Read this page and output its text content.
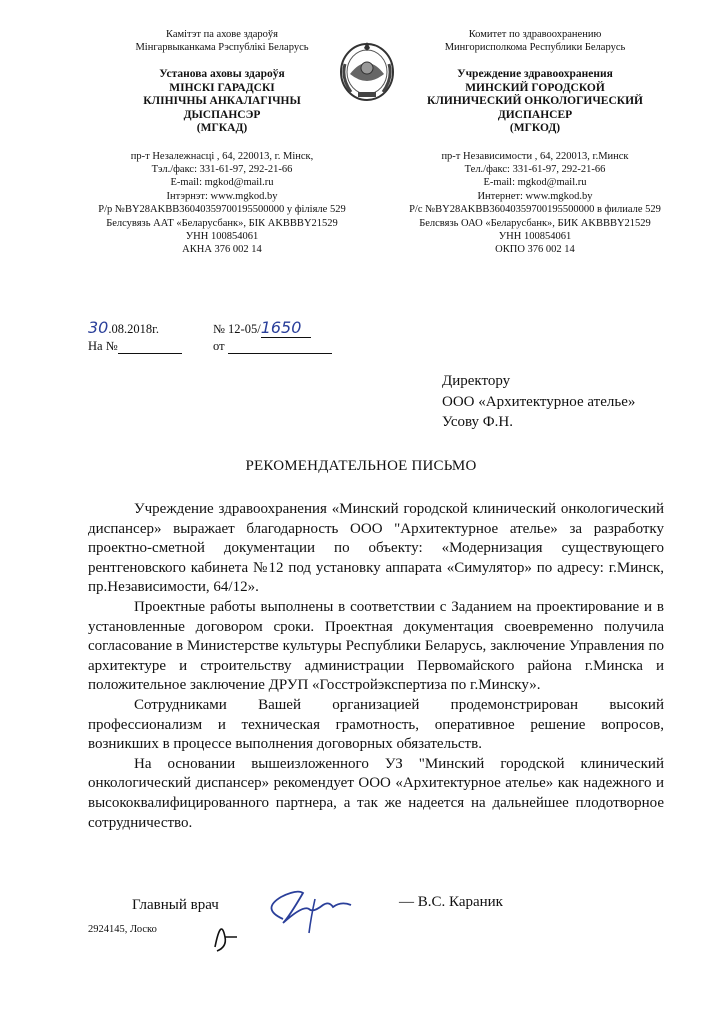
Камітэт па ахове здароўя
Мінгарвыканкама Рэспублікі Беларусь
Установа аховы здароўя
МІНСКІ ГАРАДСКІ
КЛІНІЧНЫ АНКАЛАГІЧНЫ
ДЫСПАНСЭР
(МГКАД)
пр-т Незалежнасці , 64, 220013, г. Мінск,
Тэл./факс: 331-61-97, 292-21-66
E-mail: mgkod@mail.ru
Інтэрнэт: www.mgkod.by
Р/р №BY28AKBB36040359700195500000 у філіяле 529
Белсувязь ААТ «Беларусбанк», БІК AKBBBY21529
УНН 100854061
АКНА 376 002 14
Комитет по здравоохранению
Мингорисполкома Республики Беларусь
Учреждение здравоохранения
МИНСКИЙ ГОРОДСКОЙ
КЛИНИЧЕСКИЙ ОНКОЛОГИЧЕСКИЙ
ДИСПАНСЕР
(МГКОД)
пр-т Независимости , 64, 220013, г.Минск
Тел./факс: 331-61-97, 292-21-66
E-mail: mgkod@mail.ru
Интернет: www.mgkod.by
Р/с №BY28AKBB36040359700195500000 в филиале 529
Белсвязь ОАО «Беларусбанк», БИК AKBBBY21529
УНН 100854061
ОКПО 376 002 14
30.08.2018г.	№ 12-05/1650
На №	от
Директору
ООО «Архитектурное ателье»
Усову Ф.Н.
РЕКОМЕНДАТЕЛЬНОЕ ПИСЬМО

Учреждение здравоохранения «Минский городской клинический онкологический диспансер» выражает благодарность ООО "Архитектурное ателье» за разработку проектно-сметной документации по объекту: «Модернизация существующего рентгеновского кабинета №12 под установку аппарата «Симулятор» по адресу: г.Минск, пр.Независимости, 64/12».

Проектные работы выполнены в соответствии с Заданием на проектирование и в установленные договором сроки. Проектная документация своевременно получила согласование в Министерстве культуры Республики Беларусь, заключение Управления по архитектуре и строительству администрации Первомайского района г.Минска и положительное заключение ДРУП «Госстройэкспертиза по г.Минску».

Сотрудниками Вашей организацией продемонстрирован высокий профессионализм и техническая грамотность, оперативное решение вопросов, возникших в процессе выполнения договорных обязательств.

На основании вышеизложенного УЗ "Минский городской клинический онкологический диспансер» рекомендует ООО «Архитектурное ателье» как надежного и высококвалифицированного партнера, а так же надеется на дальнейшее плодотворное сотрудничество.

Главный врач	— В.С. Караник
2924145, Лоско
